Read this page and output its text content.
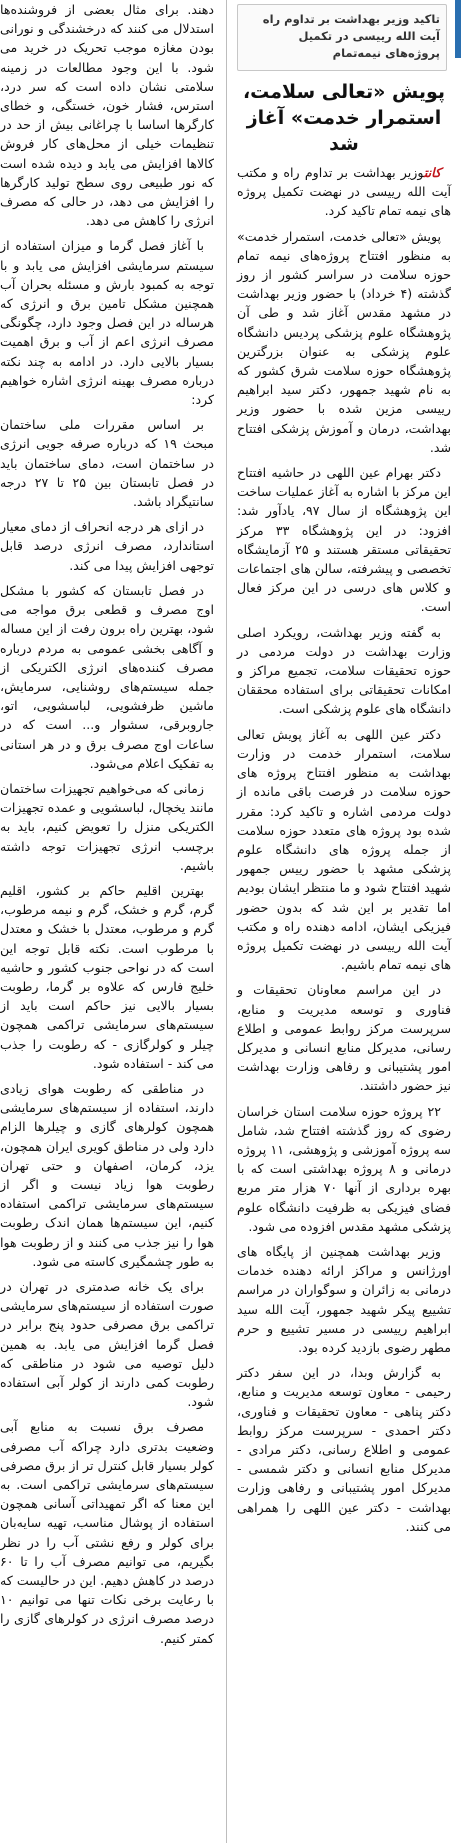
تاکید وزیر بهداشت بر تداوم راه آیت الله رییسی در تکمیل پروژه‌های نیمه‌تمام

پویش «تعالی سلامت، استمرار خدمت» آغاز شد

کانتوزیر بهداشت بر تداوم راه و مکتب آیت الله رییسی در نهضت تکمیل پروژه های نیمه تمام تاکید کرد.

پویش «تعالی خدمت، استمرار خدمت» به منظور افتتاح پروژه‌های نیمه تمام حوزه سلامت در سراسر کشور از روز گذشته (۴ خرداد) با حضور وزیر بهداشت در مشهد مقدس آغاز شد و طی آن پژوهشگاه علوم پزشکی پردیس دانشگاه علوم پزشکی به عنوان بزرگترین پژوهشگاه حوزه سلامت شرق کشور که به نام شهید جمهور، دکتر سید ابراهیم رییسی مزین شده با حضور وزیر بهداشت، درمان و آموزش پزشکی افتتاح شد.

دکتر بهرام عین اللهی در حاشیه افتتاح این مرکز با اشاره به آغاز عملیات ساخت این پژوهشگاه از سال ۹۷، یادآور شد: افزود: در این پژوهشگاه ۳۳ مرکز تحقیقاتی مستقر هستند و ۲۵ آزمایشگاه تخصصی و پیشرفته، سالن های اجتماعات و کلاس های درسی در این مرکز فعال است.

به گفته وزیر بهداشت، رویکرد اصلی وزارت بهداشت در دولت مردمی در حوزه تحقیقات سلامت، تجمیع مراکز و امکانات تحقیقاتی برای استفاده محققان دانشگاه های علوم پزشکی است.

دکتر عین اللهی به آغاز پویش تعالی سلامت، استمرار خدمت در وزارت بهداشت به منظور افتتاح پروژه های حوزه سلامت در فرصت باقی مانده از دولت مردمی اشاره و تاکید کرد: مقرر شده بود پروژه های متعدد حوزه سلامت از جمله پروژه های دانشگاه علوم پزشکی مشهد با حضور رییس جمهور شهید افتتاح شود و ما منتظر ایشان بودیم اما تقدیر بر این شد که بدون حضور فیزیکی ایشان، ادامه دهنده راه و مکتب آیت الله رییسی در نهضت تکمیل پروژه های نیمه تمام باشیم.

در این مراسم معاونان تحقیقات و فناوری و توسعه مدیریت و منابع، سرپرست مرکز روابط عمومی و اطلاع رسانی، مدیرکل منابع انسانی و مدیرکل امور پشتیبانی و رفاهی وزارت بهداشت نیز حضور داشتند.

۲۲ پروژه حوزه سلامت استان خراسان رضوی که روز گذشته افتتاح شد، شامل سه پروژه آموزشی و پژوهشی، ۱۱ پروژه درمانی و ۸ پروژه بهداشتی است که با بهره برداری از آنها ۷۰ هزار متر مربع فضای فیزیکی به ظرفیت دانشگاه علوم پزشکی مشهد مقدس افزوده می شود.

وزیر بهداشت همچنین از پایگاه های اورژانس و مراکز ارائه دهنده خدمات درمانی به زائران و سوگواران در مراسم تشییع پیکر شهید جمهور، آیت الله سید ابراهیم رییسی در مسیر تشییع و حرم مطهر رضوی بازدید کرده بود.

به گزارش وبدا، در این سفر دکتر رحیمی - معاون توسعه مدیریت و منابع، دکتر پناهی - معاون تحقیقات و فناوری، دکتر احمدی - سرپرست مرکز روابط عمومی و اطلاع رسانی، دکتر مرادی - مدیرکل منابع انسانی و دکتر شمسی - مدیرکل امور پشتیبانی و رفاهی وزارت بهداشت - دکتر عین اللهی را همراهی می کنند.

دهند. برای مثال بعضی از فروشنده‌ها استدلال می کنند که درخشندگی و نورانی بودن مغازه موجب تحریک در خرید می شود. با این وجود مطالعات در زمینه سلامتی نشان داده است که سر درد، استرس، فشار خون، خستگی، و خطای کارگرها اساسا با چراغانی بیش از حد در تنظیمات خیلی از محل‌های کار فروش کالاها افزایش می یابد و دیده شده است که نور طبیعی روی سطح تولید کارگرها را افزایش می دهد، در حالی که مصرف انرژی را کاهش می دهد.

با آغاز فصل گرما و میزان استفاده از سیستم سرمایشی افزایش می یابد و با توجه به کمبود بارش و مسئله بحران آب همچنین مشکل تامین برق و انرژی که هرساله در این فصل وجود دارد، چگونگی مصرف انرژی اعم از آب و برق اهمیت بسیار بالایی دارد. در ادامه به چند نکته درباره مصرف بهینه انرژی اشاره خواهیم کرد:

بر اساس مقررات ملی ساختمان مبحث ۱۹ که درباره صرفه جویی انرژی در ساختمان است، دمای ساختمان باید در فصل تابستان بین ۲۵ تا ۲۷ درجه سانتیگراد باشد.

در ازای هر درجه انحراف از دمای معیار استاندارد، مصرف انرژی درصد قابل توجهی افزایش پیدا می کند.

در فصل تابستان که کشور با مشکل اوج مصرف و قطعی برق مواجه می شود، بهترین راه برون رفت از این مساله و آگاهی بخشی عمومی به مردم درباره مصرف کننده‌های انرژی الکتریکی از جمله سیستم‌های روشنایی، سرمایش، ماشین ظرفشویی، لباسشویی، اتو، جاروبرقی، سشوار و... است که در ساعات اوج مصرف برق و در هر استانی به تفکیک اعلام می‌شود.

زمانی که می‌خواهیم تجهیزات ساختمان مانند یخچال، لباسشویی و عمده تجهیزات الکتریکی منزل را تعویض کنیم، باید به برچسب انرژی تجهیزات توجه داشته باشیم.

بهترین اقلیم حاکم بر کشور، اقلیم گرم، گرم و خشک، گرم و نیمه مرطوب، گرم و مرطوب، معتدل با خشک و معتدل با مرطوب است. نکته قابل توجه این است که در نواحی جنوب کشور و حاشیه خلیج فارس که علاوه بر گرما، رطوبت بسیار بالایی نیز حاکم است باید از سیستم‌های سرمایشی تراکمی همچون چیلر و کولرگازی - که رطوبت را جذب می کند - استفاده شود.

در مناطقی که رطوبت هوای زیادی دارند، استفاده از سیستم‌های سرمایشی همچون کولرهای گازی و چیلرها الزام دارد ولی در مناطق کویری ایران همچون، یزد، کرمان، اصفهان و حتی تهران رطوبت هوا زیاد نیست و اگر از سیستم‌های سرمایشی تراکمی استفاده کنیم، این سیستم‌ها همان اندک رطوبت هوا را نیز جذب می کنند و از رطوبت هوا به طور چشمگیری کاسته می شود.

برای یک خانه صدمتری در تهران در صورت استفاده از سیستم‌های سرمایشی تراکمی برق مصرفی حدود پنج برابر در فصل گرما افزایش می یابد. به همین دلیل توصیه می شود در مناطقی که رطوبت کمی دارند از کولر آبی استفاده شود.

مصرف برق نسبت به منابع آبی وضعیت بدتری دارد چراکه آب مصرفی کولر بسیار قابل کنترل تر از برق مصرفی سیستم‌های سرمایشی تراکمی است. به این معنا که اگر تمهیداتی آسانی همچون استفاده از پوشال مناسب، تهیه سایه‌بان برای کولر و رفع نشتی آب را در نظر بگیریم، می توانیم مصرف آب را تا ۶۰ درصد در کاهش دهیم. این در حالیست که با رعایت برخی نکات تنها می توانیم ۱۰ درصد مصرف انرژی در کولرهای گازی را کمتر کنیم.
